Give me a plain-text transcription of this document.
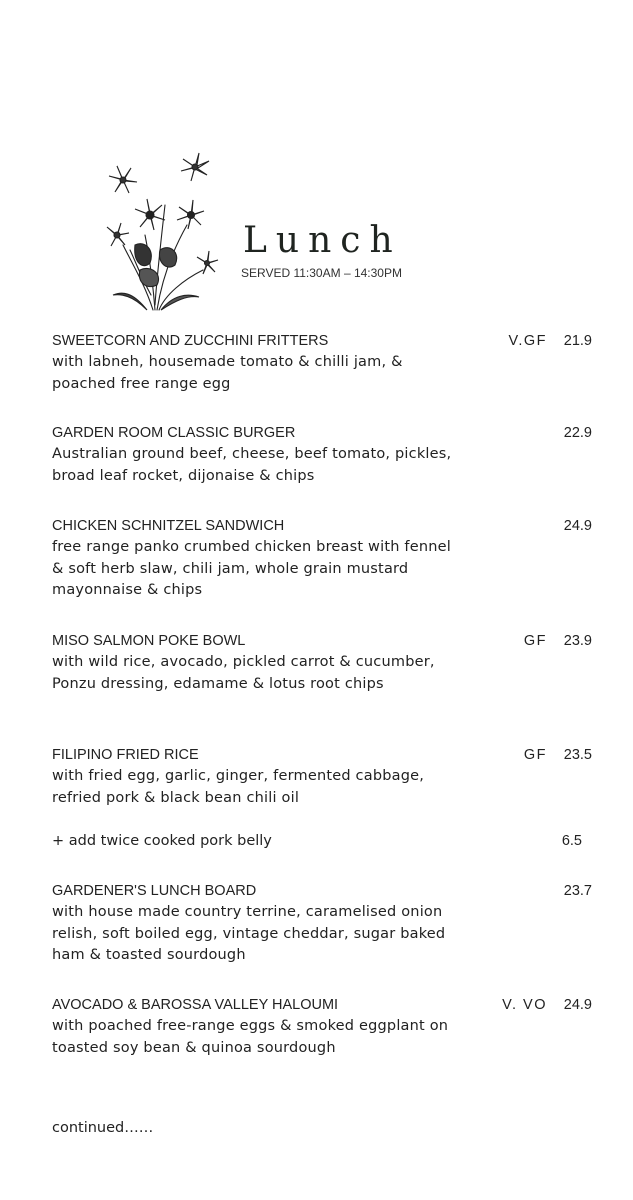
Lunch
SERVED 11:30AM – 14:30PM
SWEETCORN AND ZUCCHINI FRITTERS
with labneh, housemade tomato & chilli jam, & poached free range egg
V.GF	21.9
GARDEN ROOM CLASSIC BURGER
Australian ground beef, cheese, beef tomato, pickles, broad leaf rocket, dijonaise & chips
22.9
CHICKEN SCHNITZEL SANDWICH
free range panko crumbed chicken breast with fennel & soft herb slaw, chili jam, whole grain mustard mayonnaise & chips
24.9
MISO SALMON POKE BOWL
with wild rice, avocado, pickled carrot & cucumber, Ponzu dressing, edamame & lotus root chips
GF	23.9
FILIPINO FRIED RICE
with fried egg, garlic, ginger, fermented cabbage, refried pork & black bean chili oil
GF	23.5
+ add twice cooked pork belly	6.5
GARDENER'S LUNCH BOARD
with house made country terrine, caramelised onion relish, soft boiled egg, vintage cheddar, sugar baked ham & toasted sourdough
23.7
AVOCADO & BAROSSA VALLEY HALOUMI
with poached free-range eggs & smoked eggplant on toasted soy bean & quinoa sourdough
V. VO	24.9
continued……
